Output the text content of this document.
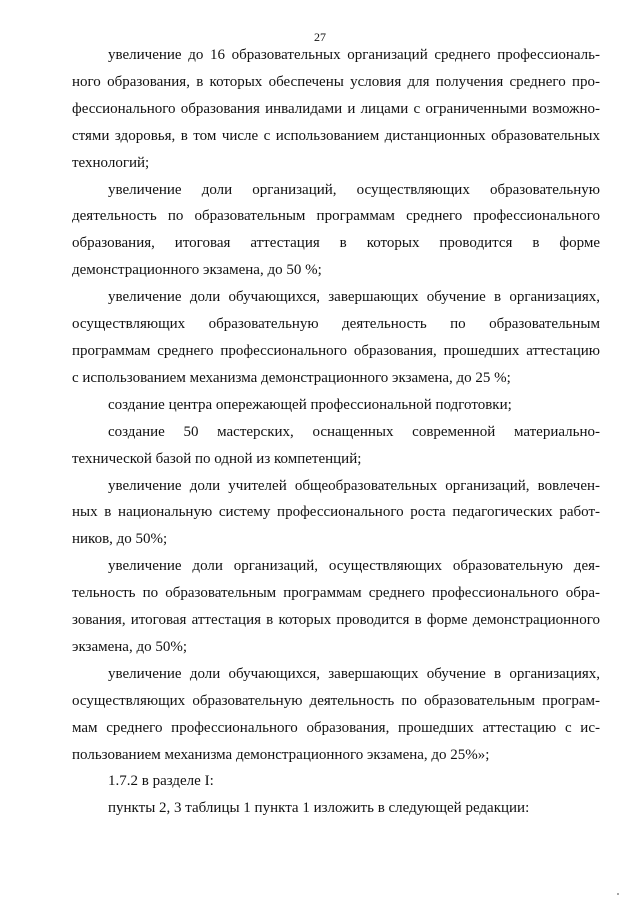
27

увеличение до 16 образовательных организаций среднего профессиональ-
ного образования, в которых обеспечены условия для получения среднего про-
фессионального образования инвалидами и лицами с ограниченными возможно-
стями здоровья, в том числе с использованием дистанционных образовательных
технологий;

увеличение доли организаций, осуществляющих образовательную
деятельность по образовательным программам среднего профессионального
образования, итоговая аттестация в которых проводится в форме
демонстрационного экзамена, до 50 %;

увеличение доли обучающихся, завершающих обучение в организациях,
осуществляющих образовательную деятельность по образовательным
программам среднего профессионального образования, прошедших аттестацию
с использованием механизма демонстрационного экзамена, до 25 %;

создание центра опережающей профессиональной подготовки;

создание 50 мастерских, оснащенных современной материально-
технической базой по одной из компетенций;

увеличение доли учителей общеобразовательных организаций, вовлечен-
ных в национальную систему профессионального роста педагогических работ-
ников, до 50%;

увеличение доли организаций, осуществляющих образовательную дея-
тельность по образовательным программам среднего профессионального обра-
зования, итоговая аттестация в которых проводится в форме демонстрационного
экзамена, до 50%;

увеличение доли обучающихся, завершающих обучение в организациях,
осуществляющих образовательную деятельность по образовательным програм-
мам среднего профессионального образования, прошедших аттестацию с ис-
пользованием механизма демонстрационного экзамена, до 25%»;

1.7.2 в разделе I:

пункты 2, 3 таблицы 1 пункта 1 изложить в следующей редакции:
